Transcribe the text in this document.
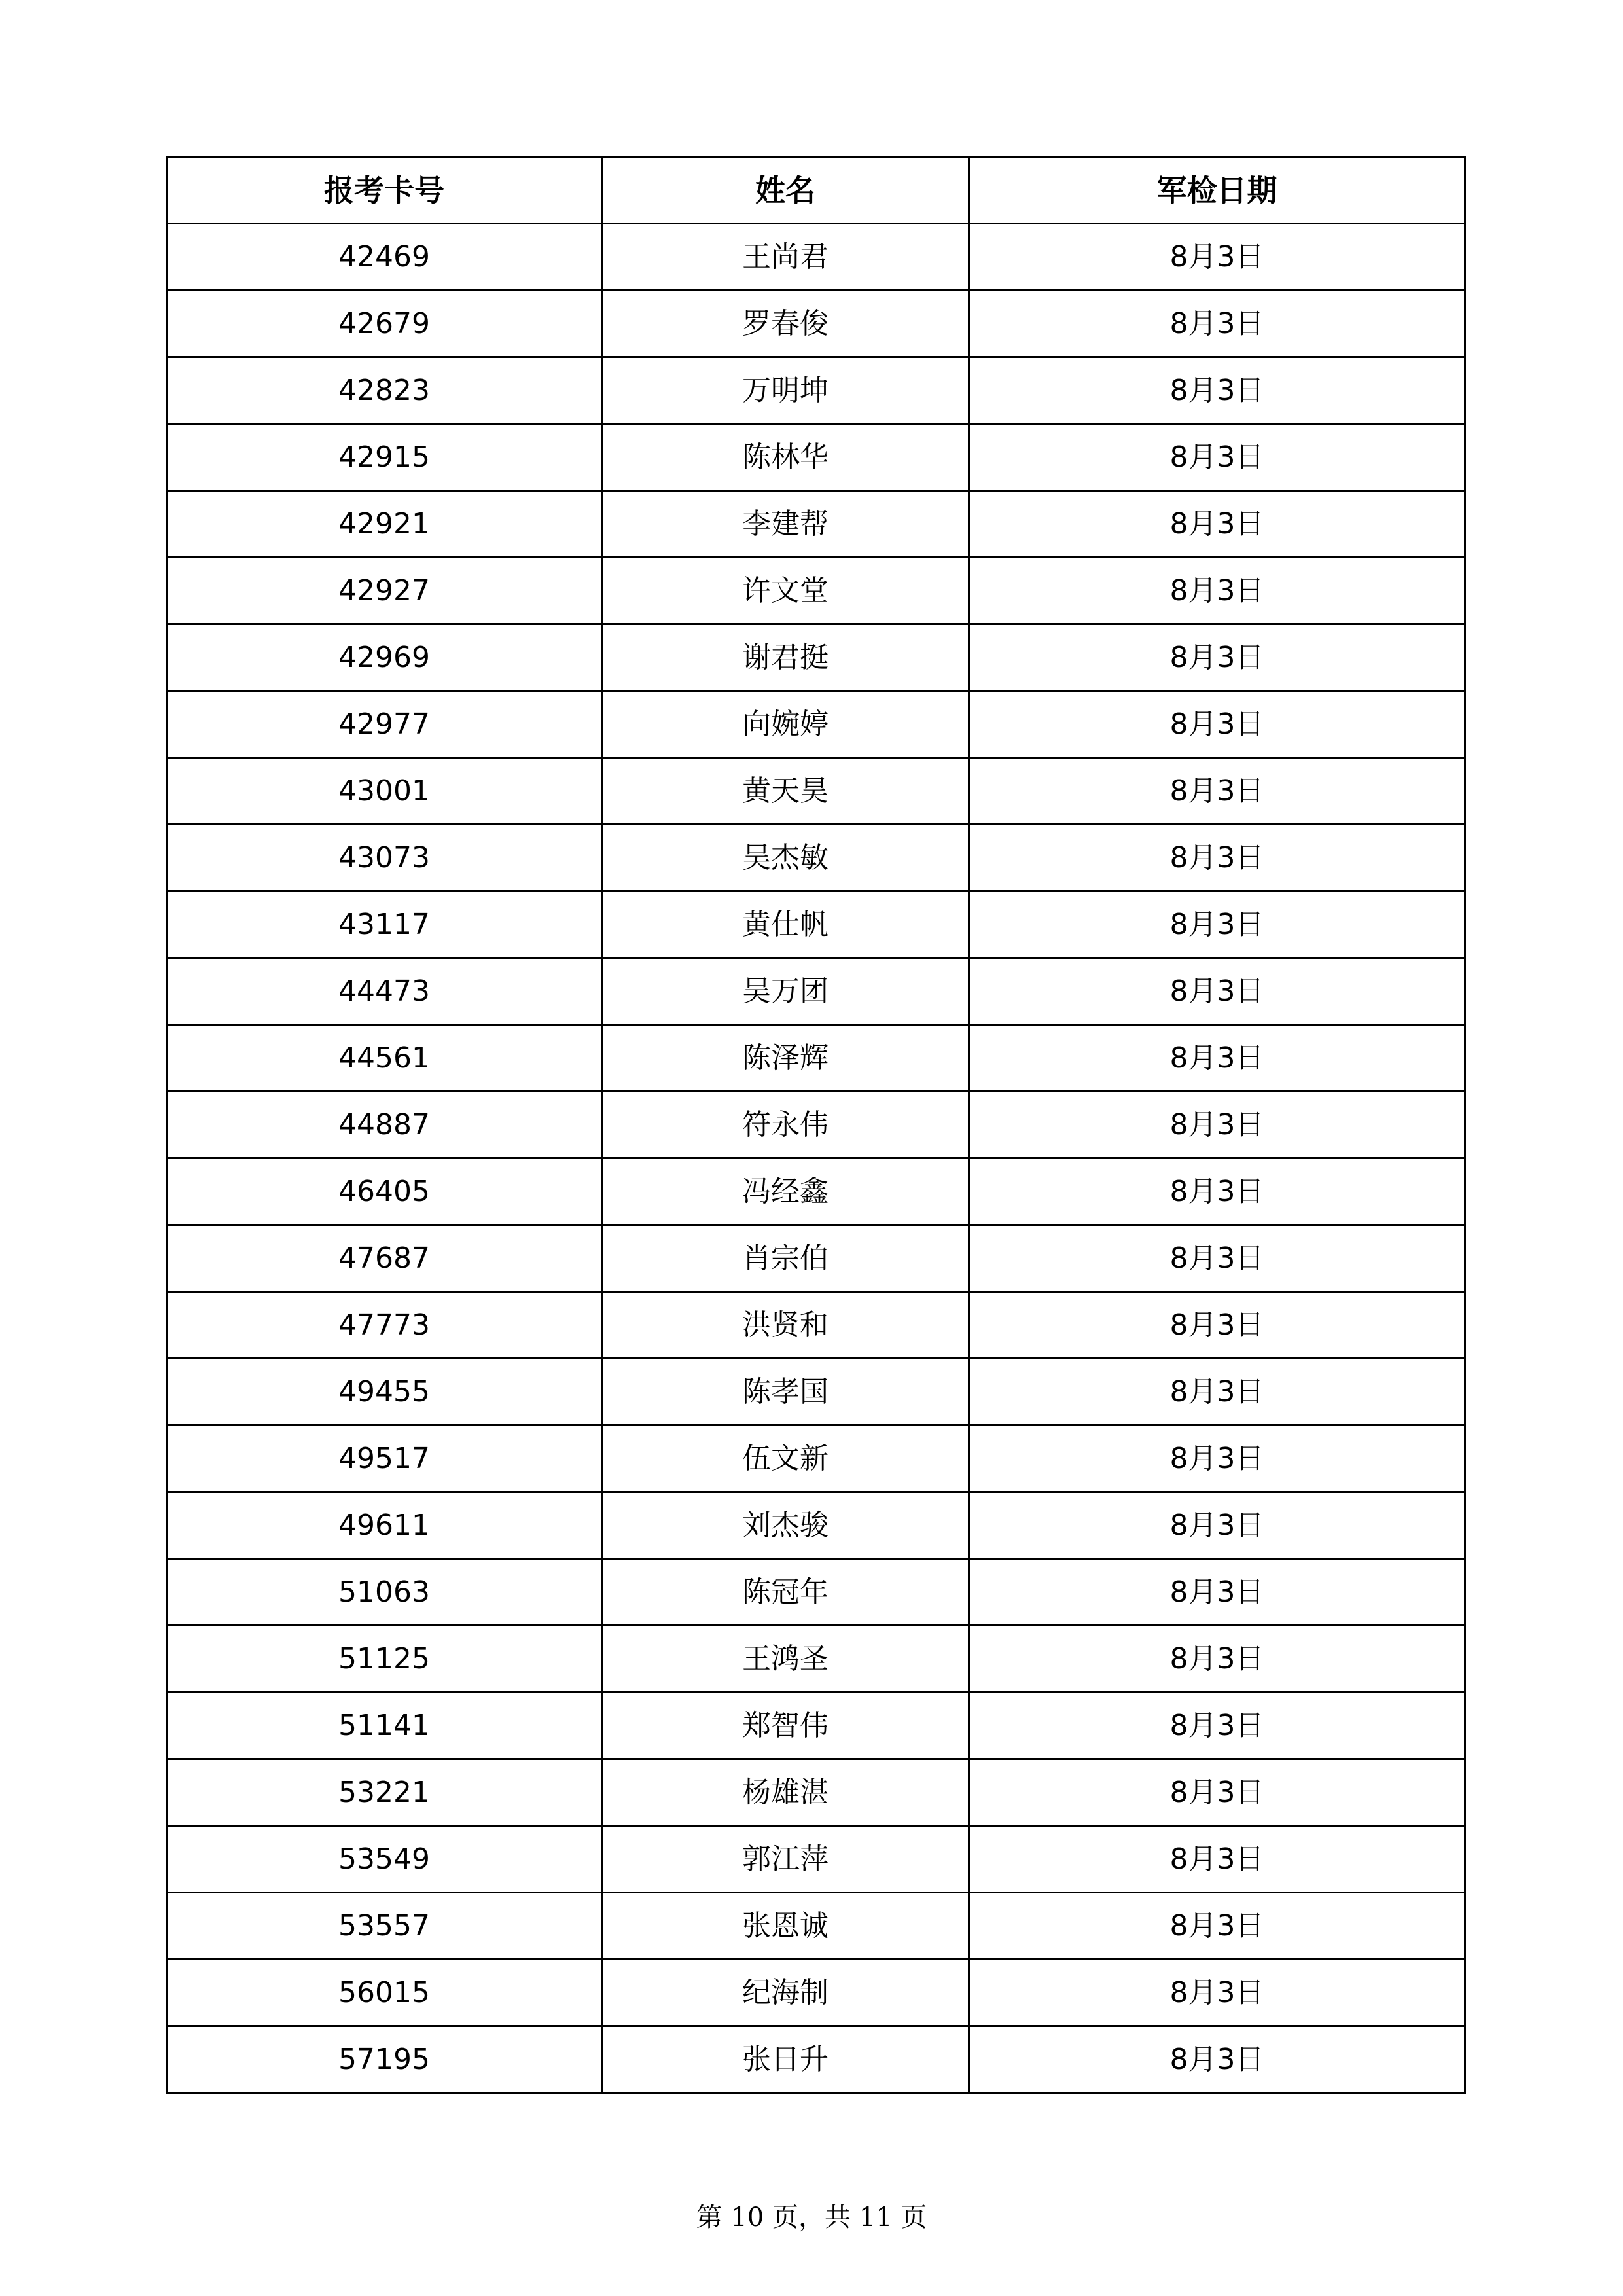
报考卡号	姓名	军检日期
42469	王尚君	8月3日
42679	罗春俊	8月3日
42823	万明坤	8月3日
42915	陈林华	8月3日
42921	李建帮	8月3日
42927	许文堂	8月3日
42969	谢君挺	8月3日
42977	向婉婷	8月3日
43001	黄天昊	8月3日
43073	吴杰敏	8月3日
43117	黄仕帆	8月3日
44473	吴万团	8月3日
44561	陈泽辉	8月3日
44887	符永伟	8月3日
46405	冯经鑫	8月3日
47687	肖宗伯	8月3日
47773	洪贤和	8月3日
49455	陈孝国	8月3日
49517	伍文新	8月3日
49611	刘杰骏	8月3日
51063	陈冠年	8月3日
51125	王鸿圣	8月3日
51141	郑智伟	8月3日
53221	杨雄湛	8月3日
53549	郭江萍	8月3日
53557	张恩诚	8月3日
56015	纪海制	8月3日
57195	张日升	8月3日
第 10 页，共 11 页
